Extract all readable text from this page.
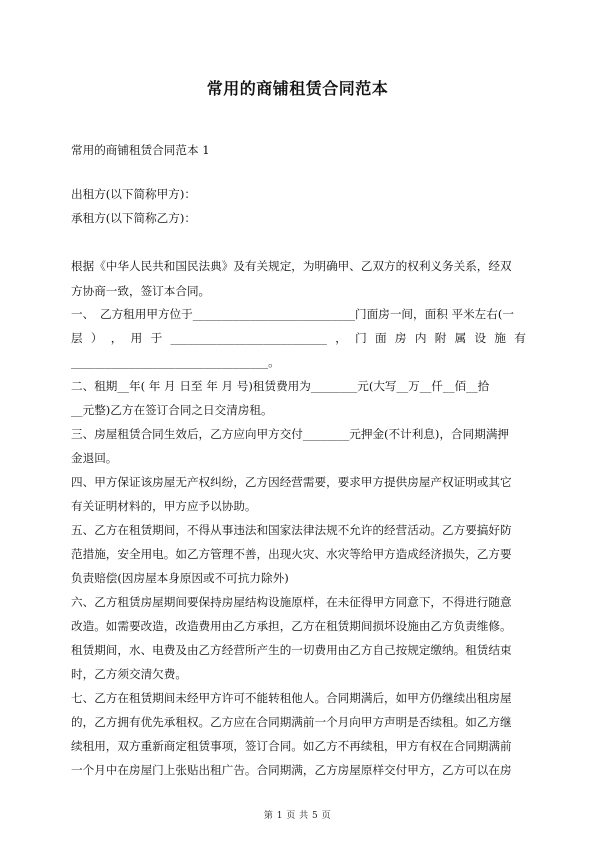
常用的商铺租赁合同范本
常用的商铺租赁合同范本 1
出租方(以下简称甲方)：
承租方(以下简称乙方)：
根据《中华人民共和国民法典》及有关规定，为明确甲、乙双方的权利义务关系，经双
方协商一致，签订本合同。
一、　乙方租用甲方位于____________________________门面房一间，面积 平米左右(一
层 ） ， 用 于 ___________________________ ， 门 面 房 内 附 属 设 施 有
__________________________________。
二、租期__年( 年 月 日至 年 月 号)租赁费用为________元(大写__万__仟__佰__拾
__元整)乙方在签订合同之日交清房租。
三、房屋租赁合同生效后，乙方应向甲方交付________元押金(不计利息)，合同期满押
金退回。
四、甲方保证该房屋无产权纠纷，乙方因经营需要，要求甲方提供房屋产权证明或其它
有关证明材料的，甲方应予以协助。
五、乙方在租赁期间，不得从事违法和国家法律法规不允许的经营活动。乙方要搞好防
范措施，安全用电。如乙方管理不善，出现火灾、水灾等给甲方造成经济损失，乙方要
负责赔偿(因房屋本身原因或不可抗力除外)
六、乙方租赁房屋期间要保持房屋结构设施原样，在未征得甲方同意下，不得进行随意
改造。如需要改造，改造费用由乙方承担，乙方在租赁期间损坏设施由乙方负责维修。
租赁期间，水、电费及由乙方经营所产生的一切费用由乙方自己按规定缴纳。租赁结束
时，乙方须交清欠费。
七、乙方在租赁期间未经甲方许可不能转租他人。合同期满后，如甲方仍继续出租房屋
的，乙方拥有优先承租权。乙方应在合同期满前一个月向甲方声明是否续租。如乙方继
续租用，双方重新商定租赁事项，签订合同。如乙方不再续租，甲方有权在合同期满前
一个月中在房屋门上张贴出租广告。合同期满，乙方房屋原样交付甲方，乙方可以在房
第 1 页 共 5 页
